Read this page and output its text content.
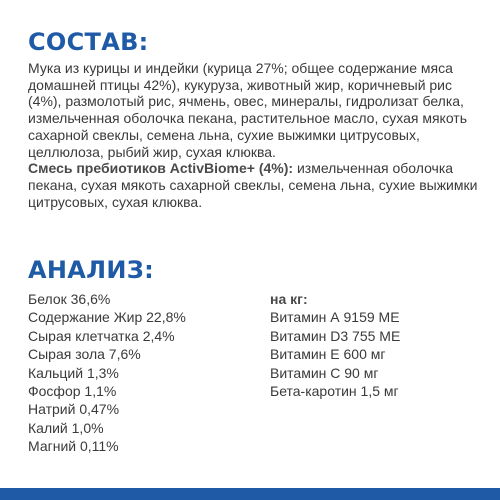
СОСТАВ:
Мука из курицы и индейки (курица 27%; общее содержание мяса домашней птицы 42%), кукуруза, животный жир, коричневый рис (4%), размолотый рис, ячмень, овес, минералы, гидролизат белка, измельченная оболочка пекана, растительное масло, сухая мякоть сахарной свеклы, семена льна, сухие выжимки цитрусовых, целлюлоза, рыбий жир, сухая клюква.
Смесь пребиотиков ActivBiome+ (4%): измельченная оболочка пекана, сухая мякоть сахарной свеклы, семена льна, сухие выжимки цитрусовых, сухая клюква.
АНАЛИЗ:
Белок 36,6%
Содержание Жир 22,8%
Сырая клетчатка 2,4%
Сырая зола 7,6%
Кальций 1,3%
Фосфор 1,1%
Натрий 0,47%
Калий 1,0%
Магний 0,11%
на кг:
Витамин А 9159 МЕ
Витамин D3 755 МЕ
Витамин Е 600 мг
Витамин С 90 мг
Бета-каротин 1,5 мг
